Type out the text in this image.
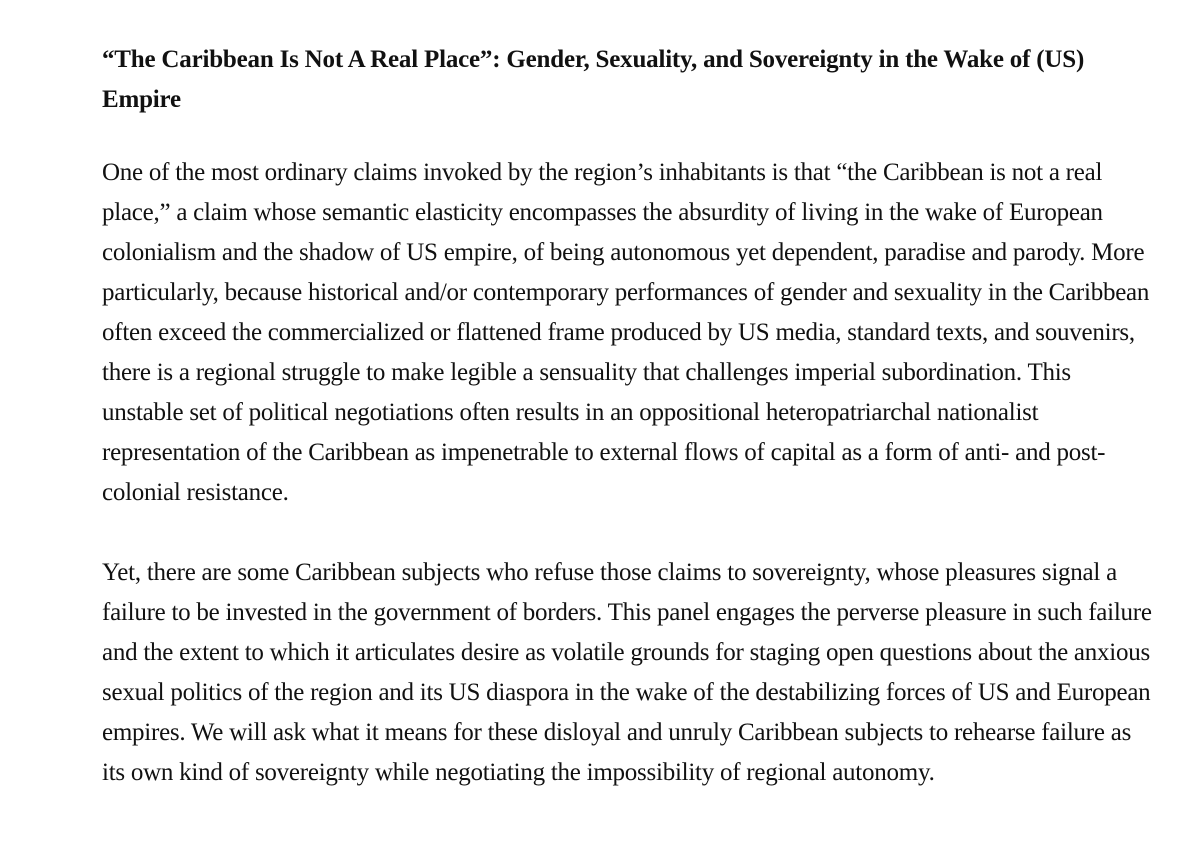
“The Caribbean Is Not A Real Place”: Gender, Sexuality, and Sovereignty in the Wake of (US) Empire

One of the most ordinary claims invoked by the region’s inhabitants is that “the Caribbean is not a real place,” a claim whose semantic elasticity encompasses the absurdity of living in the wake of European colonialism and the shadow of US empire, of being autonomous yet dependent, paradise and parody. More particularly, because historical and/or contemporary performances of gender and sexuality in the Caribbean often exceed the commercialized or flattened frame produced by US media, standard texts, and souvenirs, there is a regional struggle to make legible a sensuality that challenges imperial subordination. This unstable set of political negotiations often results in an oppositional heteropatriarchal nationalist representation of the Caribbean as impenetrable to external flows of capital as a form of anti- and post-colonial resistance.

Yet, there are some Caribbean subjects who refuse those claims to sovereignty, whose pleasures signal a failure to be invested in the government of borders. This panel engages the perverse pleasure in such failure and the extent to which it articulates desire as volatile grounds for staging open questions about the anxious sexual politics of the region and its US diaspora in the wake of the destabilizing forces of US and European empires. We will ask what it means for these disloyal and unruly Caribbean subjects to rehearse failure as its own kind of sovereignty while negotiating the impossibility of regional autonomy.
